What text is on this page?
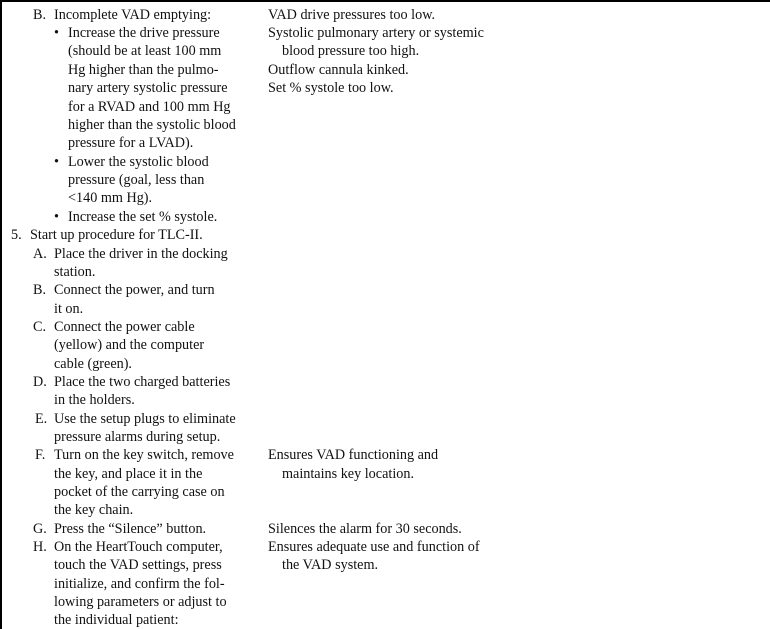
B. Incomplete VAD emptying:
• Increase the drive pressure
(should be at least 100 mm
Hg higher than the pulmo-
nary artery systolic pressure
for a RVAD and 100 mm Hg
higher than the systolic blood
pressure for a LVAD).
• Lower the systolic blood
pressure (goal, less than
<140 mm Hg).
• Increase the set % systole.
VAD drive pressures too low.
Systolic pulmonary artery or systemic
blood pressure too high.
Outflow cannula kinked.
Set % systole too low.
5. Start up procedure for TLC-II.
A. Place the driver in the docking
station.
B. Connect the power, and turn
it on.
C. Connect the power cable
(yellow) and the computer
cable (green).
D. Place the two charged batteries
in the holders.
E. Use the setup plugs to eliminate
pressure alarms during setup.
F. Turn on the key switch, remove
the key, and place it in the
pocket of the carrying case on
the key chain.
Ensures VAD functioning and
maintains key location.
G. Press the “Silence” button.	Silences the alarm for 30 seconds.
H. On the HeartTouch computer,
touch the VAD settings, press
initialize, and confirm the fol-
lowing parameters or adjust to
the individual patient:
Ensures adequate use and function of
the VAD system.
